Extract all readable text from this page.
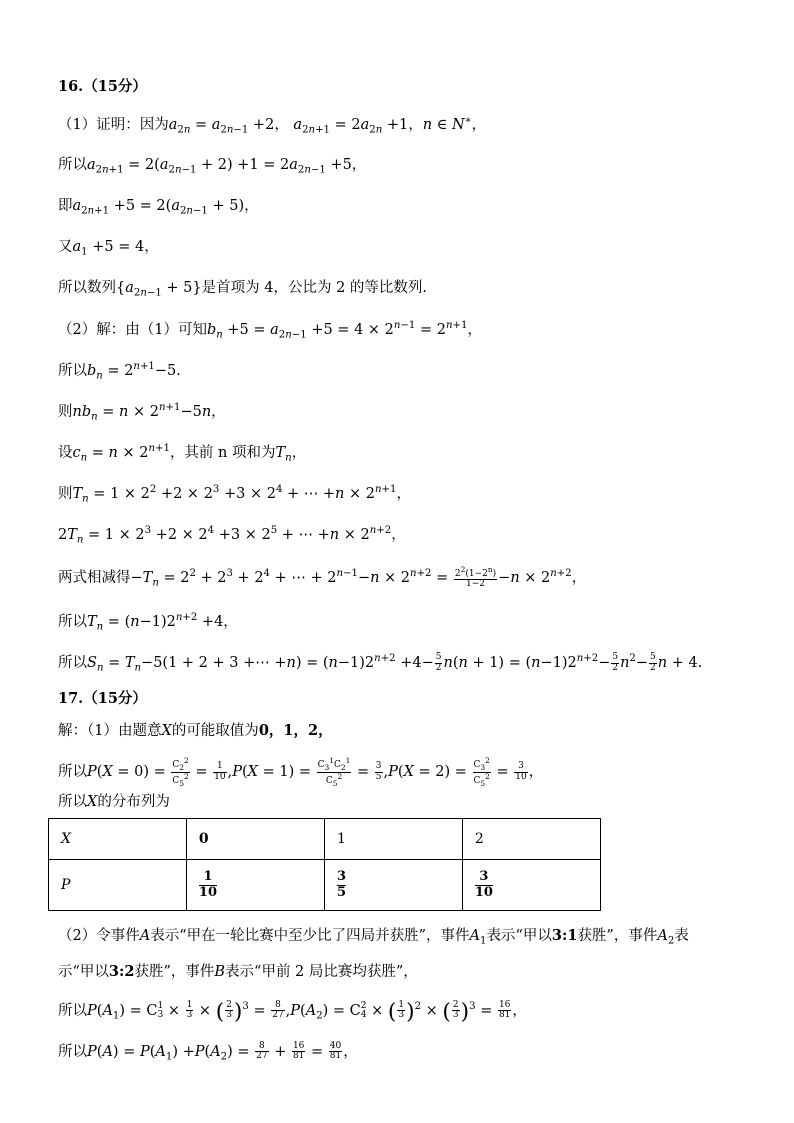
16.（15分）
（1）证明：因为$a_{2n} = a_{2n-1} +2$， $a_{2n+1} = 2a_{2n} +1$，n ∈ N∗，
所以$a_{2n+1} = 2(a_{2n-1} + 2) +1 = 2a_{2n-1} +5$，
即$a_{2n+1} +5 = 2(a_{2n-1} + 5)$，
又$a_1 +5 = 4$，
所以数列$\{a_{2n-1} + 5\}$是首项为 4，公比为 2 的等比数列.
（2）解：由（1）可知$b_n +5 = a_{2n-1} +5 = 4 \times 2^{n-1} = 2^{n+1}$，
所以$b_n = 2^{n+1}-5$.
则$nb_n = n \times 2^{n+1}-5n$，
设$c_n = n \times 2^{n+1}$，其前 n 项和为$T_n$，
则$T_n = 1 \times 2^2 +2 \times 2^3 +3 \times 2^4$ + ⋯ $+n \times 2^{n+1}$，
$2T_n = 1 \times 2^3 +2 \times 2^4 +3 \times 2^5$ + ⋯ $+n \times 2^{n+2}$，
两式相减得$-T_n = 2^2 + 2^3 + 2^4$ + ⋯ + $2^{n-1}-n \times 2^{n+2} = \frac{2^2(1-2^n)}{1-2} -n \times 2^{n+2}$，
所以$T_n = (n-1)2^{n+2} +4$，
所以$S_n = T_n-5(1 + 2 + 3$ +⋯ $+n) = (n-1)2^{n+2} +4- \frac{5}{2} n(n + 1) = (n-1)2^{n+2}- \frac{5}{2} n^2- \frac{5}{2}$ n + 4.
17.（15分）
解：（1）由题意X的可能取值为0，1，2，
所以$P(X = 0) = \frac{C_2^2}{C_5^2} = \frac{1}{10} ,P(X = 1) = \frac{C_3^1C_2^1}{C_5^2} = \frac{3}{5} ,P(X = 2) = \frac{C_3^2}{C_5^2} = \frac{3}{10}$ ，
所以X的分布列为
X	0	1	2
P	$\frac{1}{10}$	$\frac{3}{5}$	$\frac{3}{10}$
（2）令事件A表示“甲在一轮比赛中至少比了四局并获胜”，事件$A_1$表示“甲以3:1获胜”，事件$A_2$表
示“甲以3:2获胜”，事件B表示“甲前 2 局比赛均获胜”，
所以$P(A_1) = C$ 1
$3 \times \frac{1}{3}$ × ( $\frac{2}{3} )^3 = \frac{8}{27} ,P(A_2) = C$ 2
4 × ( $\frac{1}{3} )^2$ × ( $\frac{2}{3} )^3 = \frac{16}{81}$ ，
所以$P(A) = P(A_1) +P(A_2) = \frac{8}{27} + \frac{16}{81} = \frac{40}{81}$ ，
